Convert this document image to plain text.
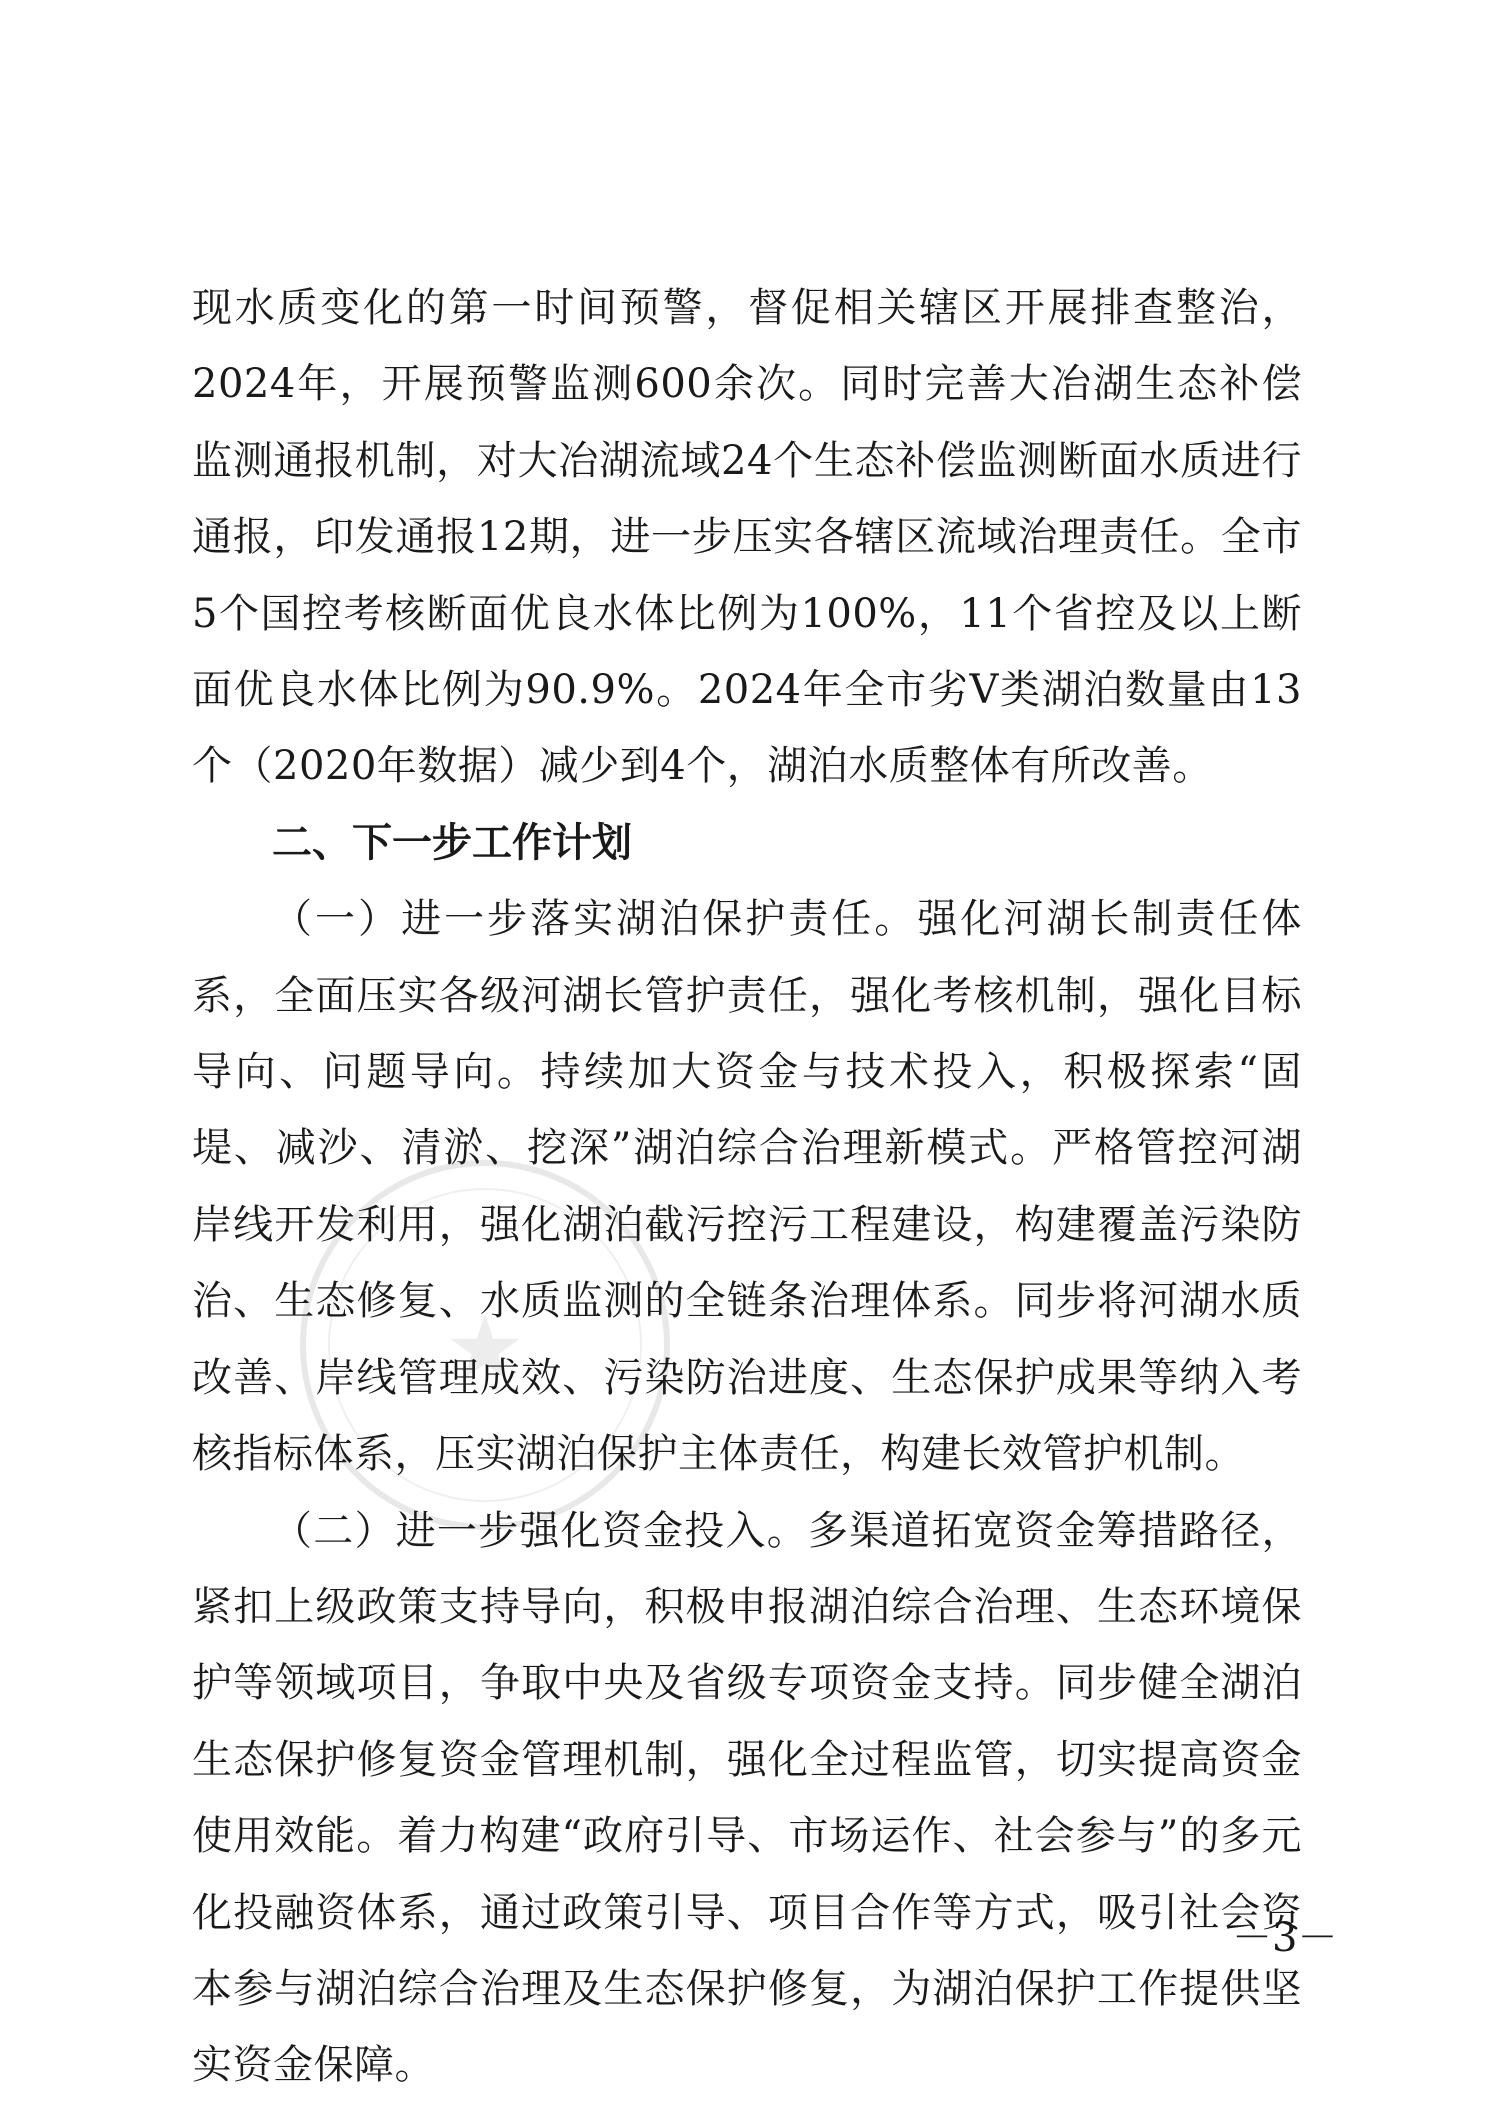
★

现水质变化的第一时间预警，督促相关辖区开展排查整治，2024年，开展预警监测600余次。同时完善大冶湖生态补偿监测通报机制，对大冶湖流域24个生态补偿监测断面水质进行通报，印发通报12期，进一步压实各辖区流域治理责任。全市5个国控考核断面优良水体比例为100%，11个省控及以上断面优良水体比例为90.9%。2024年全市劣V类湖泊数量由13个（2020年数据）减少到4个，湖泊水质整体有所改善。

二、下一步工作计划

（一）进一步落实湖泊保护责任。强化河湖长制责任体系，全面压实各级河湖长管护责任，强化考核机制，强化目标导向、问题导向。持续加大资金与技术投入，积极探索“固堤、减沙、清淤、挖深”湖泊综合治理新模式。严格管控河湖岸线开发利用，强化湖泊截污控污工程建设，构建覆盖污染防治、生态修复、水质监测的全链条治理体系。同步将河湖水质改善、岸线管理成效、污染防治进度、生态保护成果等纳入考核指标体系，压实湖泊保护主体责任，构建长效管护机制。

（二）进一步强化资金投入。多渠道拓宽资金筹措路径，紧扣上级政策支持导向，积极申报湖泊综合治理、生态环境保护等领域项目，争取中央及省级专项资金支持。同步健全湖泊生态保护修复资金管理机制，强化全过程监管，切实提高资金使用效能。着力构建“政府引导、市场运作、社会参与”的多元化投融资体系，通过政策引导、项目合作等方式，吸引社会资本参与湖泊综合治理及生态保护修复，为湖泊保护工作提供坚实资金保障。

－3－
